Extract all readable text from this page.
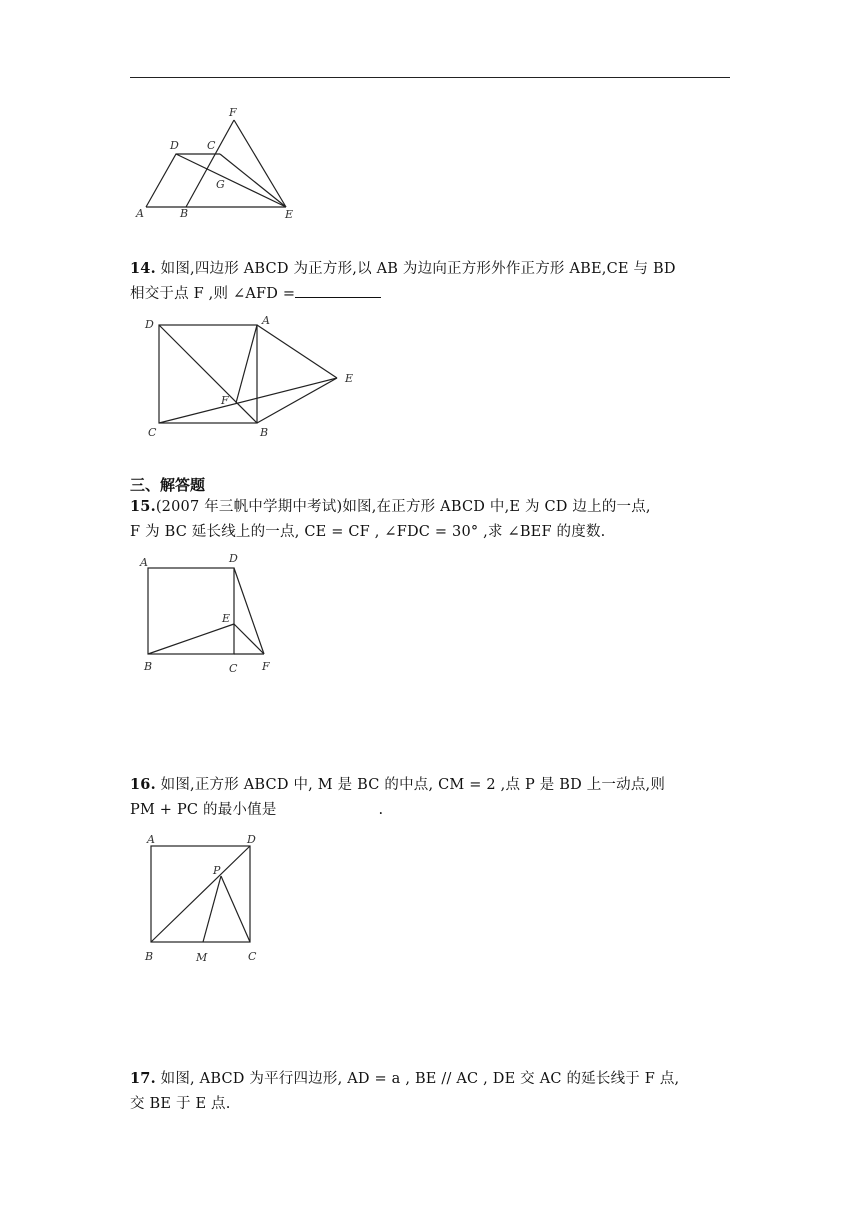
F
D	C
G
A	B	E
14. 如图,四边形 ABCD 为正方形,以 AB 为边向正方形外作正方形 ABE,CE 与 BD
相交于点 F ,则 ∠AFD =
D	A
E
F
C	B
三、解答题
15.(2007 年三帆中学期中考试)如图,在正方形 ABCD 中,E 为 CD 边上的一点,
F 为 BC 延长线上的一点, CE = CF , ∠FDC = 30° ,求 ∠BEF 的度数.
A	D
E
B	C F
16. 如图,正方形 ABCD 中, M 是 BC 的中点, CM = 2 ,点 P 是 BD 上一动点,则
PM + PC 的最小值是	.
A	D
P
B	M	C
17. 如图, ABCD 为平行四边形, AD = a , BE // AC , DE 交 AC 的延长线于 F 点,
交 BE 于 E 点.
